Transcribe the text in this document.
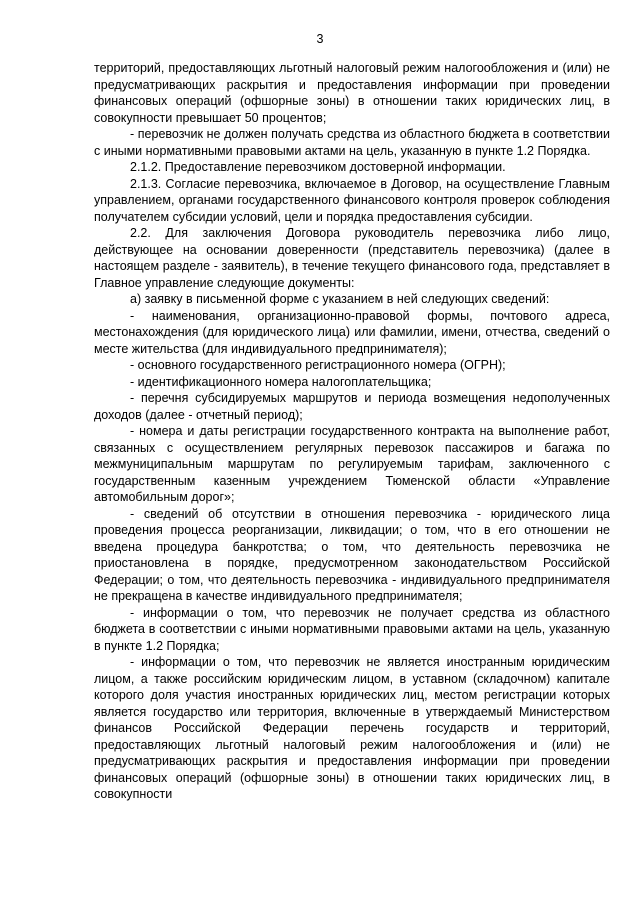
3

территорий, предоставляющих льготный налоговый режим налогообложения и (или) не предусматривающих раскрытия и предоставления информации при проведении финансовых операций (офшорные зоны) в отношении таких юридических лиц, в совокупности превышает 50 процентов;

- перевозчик не должен получать средства из областного бюджета в соответствии с иными нормативными правовыми актами на цель, указанную в пункте 1.2 Порядка.

2.1.2. Предоставление перевозчиком достоверной информации.

2.1.3. Согласие перевозчика, включаемое в Договор, на осуществление Главным управлением, органами государственного финансового контроля проверок соблюдения получателем субсидии условий, цели и порядка предоставления субсидии.

2.2. Для заключения Договора руководитель перевозчика либо лицо, действующее на основании доверенности (представитель перевозчика) (далее в настоящем разделе - заявитель), в течение текущего финансового года, представляет в Главное управление следующие документы:

а) заявку в письменной форме с указанием в ней следующих сведений:

- наименования, организационно-правовой формы, почтового адреса, местонахождения (для юридического лица) или фамилии, имени, отчества, сведений о месте жительства (для индивидуального предпринимателя);

- основного государственного регистрационного номера (ОГРН);

- идентификационного номера налогоплательщика;

- перечня субсидируемых маршрутов и периода возмещения недополученных доходов (далее - отчетный период);

- номера и даты регистрации государственного контракта на выполнение работ, связанных с осуществлением регулярных перевозок пассажиров и багажа по межмуниципальным маршрутам по регулируемым тарифам, заключенного с государственным казенным учреждением Тюменской области «Управление автомобильным дорог»;

- сведений об отсутствии в отношения перевозчика - юридического лица проведения процесса реорганизации, ликвидации; о том, что в его отношении не введена процедура банкротства; о том, что деятельность перевозчика не приостановлена в порядке, предусмотренном законодательством Российской Федерации; о том, что деятельность перевозчика - индивидуального предпринимателя не прекращена в качестве индивидуального предпринимателя;

- информации о том, что перевозчик не получает средства из областного бюджета в соответствии с иными нормативными правовыми актами на цель, указанную в пункте 1.2 Порядка;

- информации о том, что перевозчик не является иностранным юридическим лицом, а также российским юридическим лицом, в уставном (складочном) капитале которого доля участия иностранных юридических лиц, местом регистрации которых является государство или территория, включенные в утверждаемый Министерством финансов Российской Федерации перечень государств и территорий, предоставляющих льготный налоговый режим налогообложения и (или) не предусматривающих раскрытия и предоставления информации при проведении финансовых операций (офшорные зоны) в отношении таких юридических лиц, в совокупности
